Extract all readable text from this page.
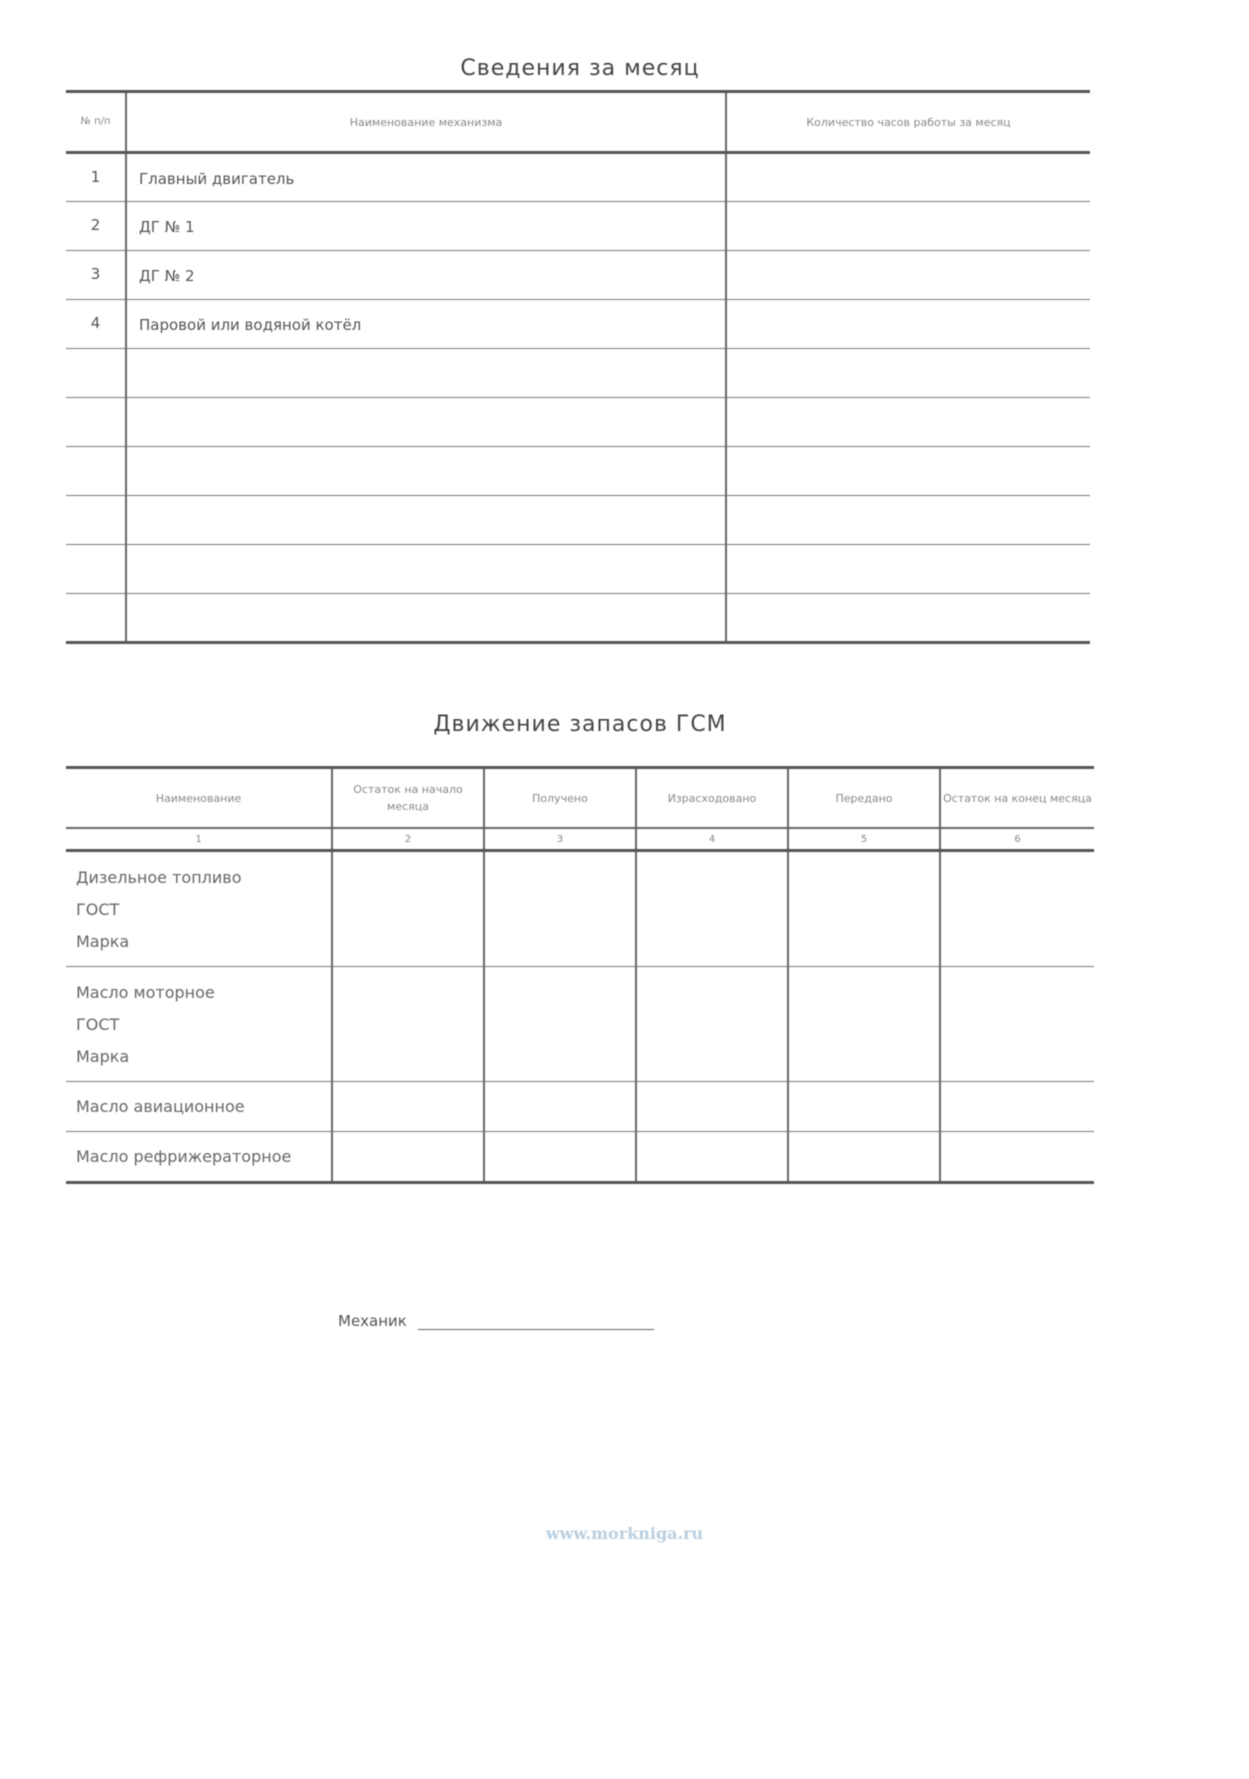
Сведения за месяц
№ п/п	Наименование механизма	Количество часов работы за месяц
1	Главный двигатель	
2	ДГ № 1	
3	ДГ № 2	
4	Паровой или водяной котёл	

Движение запасов ГСМ
Наименование	Остаток на начало месяца	Получено	Израсходовано	Передано	Остаток на конец месяца
1	2	3	4	5	6

Дизельное топливо
ГОСТ
Марка					

Масло моторное
ГОСТ
Марка					

Масло авиационное					
Масло рефрижераторное					
Механик
www.morkniga.ru
